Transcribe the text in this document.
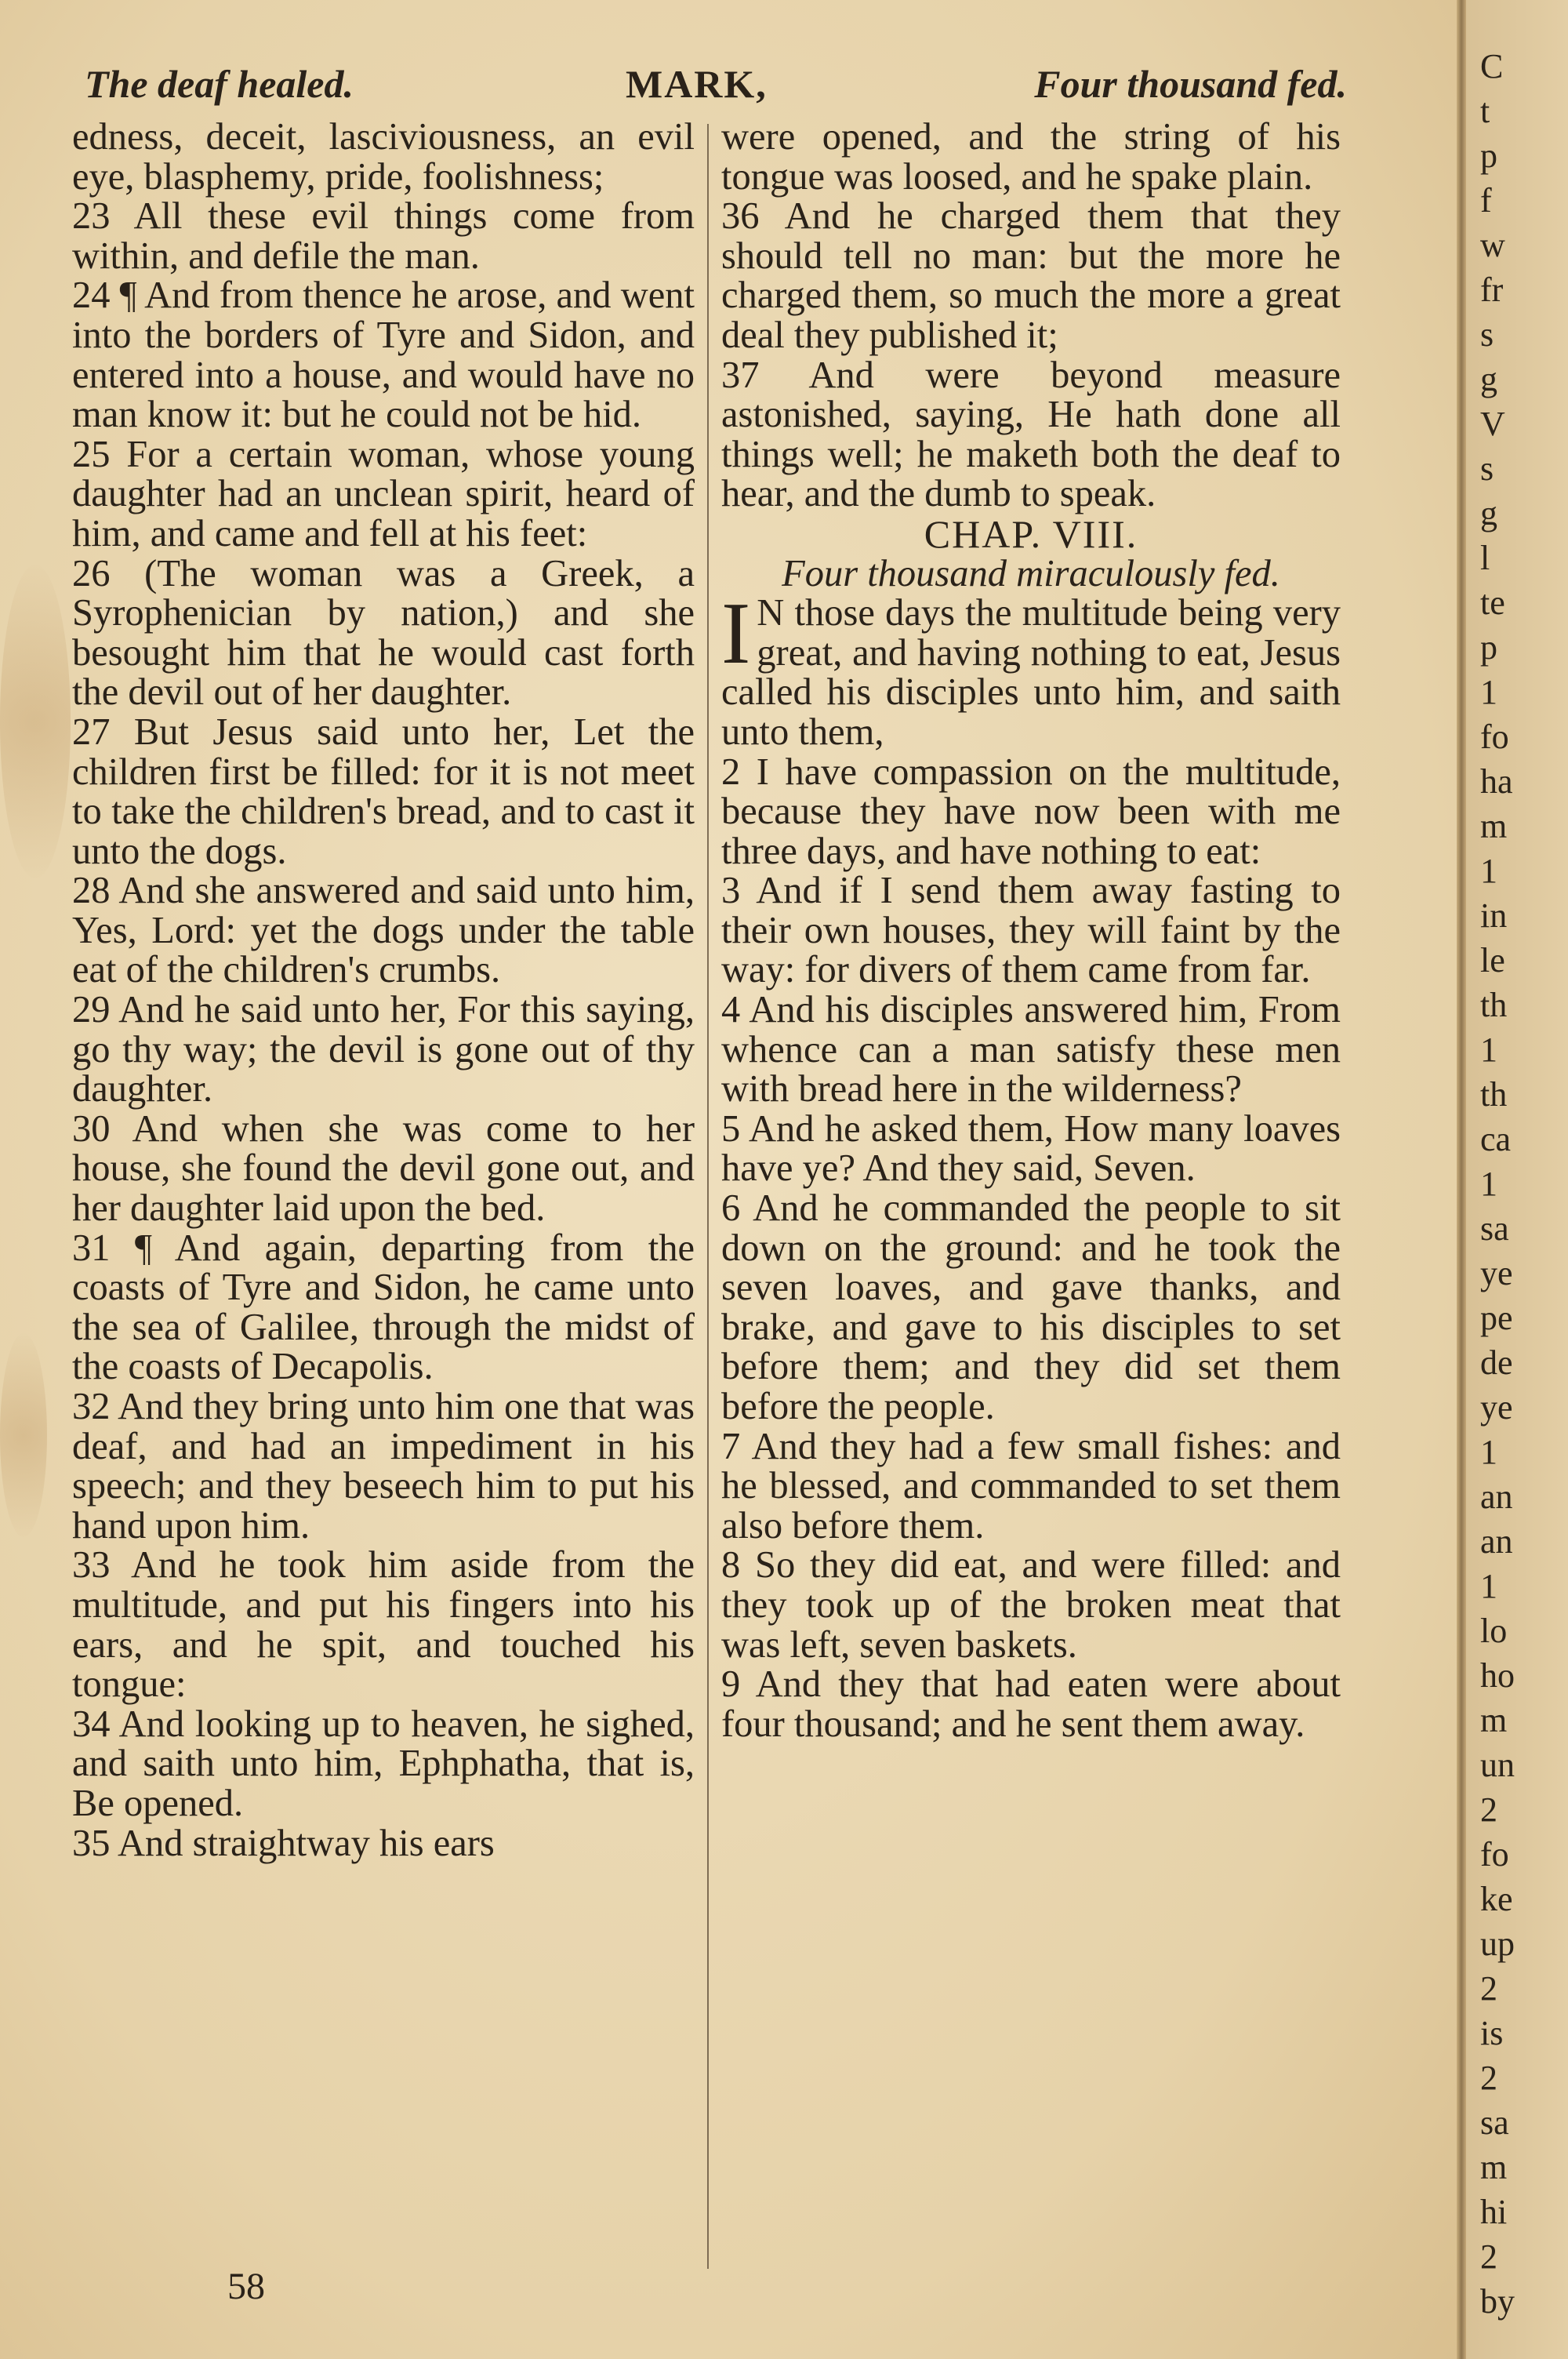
The deaf healed.	MARK,	Four thousand fed.
edness, deceit, lasciviousness, an evil eye, blasphemy, pride, foolishness;
23 All these evil things come from within, and defile the man.
24 ¶ And from thence he arose, and went into the borders of Tyre and Sidon, and entered into a house, and would have no man know it: but he could not be hid.
25 For a certain woman, whose young daughter had an unclean spirit, heard of him, and came and fell at his feet:
26 (The woman was a Greek, a Syrophenician by nation,) and she besought him that he would cast forth the devil out of her daughter.
27 But Jesus said unto her, Let the children first be filled: for it is not meet to take the children's bread, and to cast it unto the dogs.
28 And she answered and said unto him, Yes, Lord: yet the dogs under the table eat of the children's crumbs.
29 And he said unto her, For this saying, go thy way; the devil is gone out of thy daughter.
30 And when she was come to her house, she found the devil gone out, and her daughter laid upon the bed.
31 ¶ And again, departing from the coasts of Tyre and Sidon, he came unto the sea of Galilee, through the midst of the coasts of Decapolis.
32 And they bring unto him one that was deaf, and had an impediment in his speech; and they beseech him to put his hand upon him.
33 And he took him aside from the multitude, and put his fingers into his ears, and he spit, and touched his tongue:
34 And looking up to heaven, he sighed, and saith unto him, Ephphatha, that is, Be opened.
35 And straightway his ears
were opened, and the string of his tongue was loosed, and he spake plain.
36 And he charged them that they should tell no man: but the more he charged them, so much the more a great deal they published it;
37 And were beyond measure astonished, saying, He hath done all things well; he maketh both the deaf to hear, and the dumb to speak.
CHAP. VIII.
Four thousand miraculously fed.
I N those days the multitude being very great, and having nothing to eat, Jesus called his disciples unto him, and saith unto them,
2 I have compassion on the multitude, because they have now been with me three days, and have nothing to eat:
3 And if I send them away fasting to their own houses, they will faint by the way: for divers of them came from far.
4 And his disciples answered him, From whence can a man satisfy these men with bread here in the wilderness?
5 And he asked them, How many loaves have ye? And they said, Seven.
6 And he commanded the people to sit down on the ground: and he took the seven loaves, and gave thanks, and brake, and gave to his disciples to set before them; and they did set them before the people.
7 And they had a few small fishes: and he blessed, and commanded to set them also before them.
8 So they did eat, and were filled: and they took up of the broken meat that was left, seven baskets.
9 And they that had eaten were about four thousand; and he sent them away.
58
C
t
p
f
w
fr
s
g
V
s
g
l
te
p
1
fo
ha
m
1
in
le
th
1
th
ca
1
sa
ye
pe
de
ye
1
an
an
1
lo
ho
m
un
2
fo
ke
up
2
is
2
sa
m
hi
2
by
